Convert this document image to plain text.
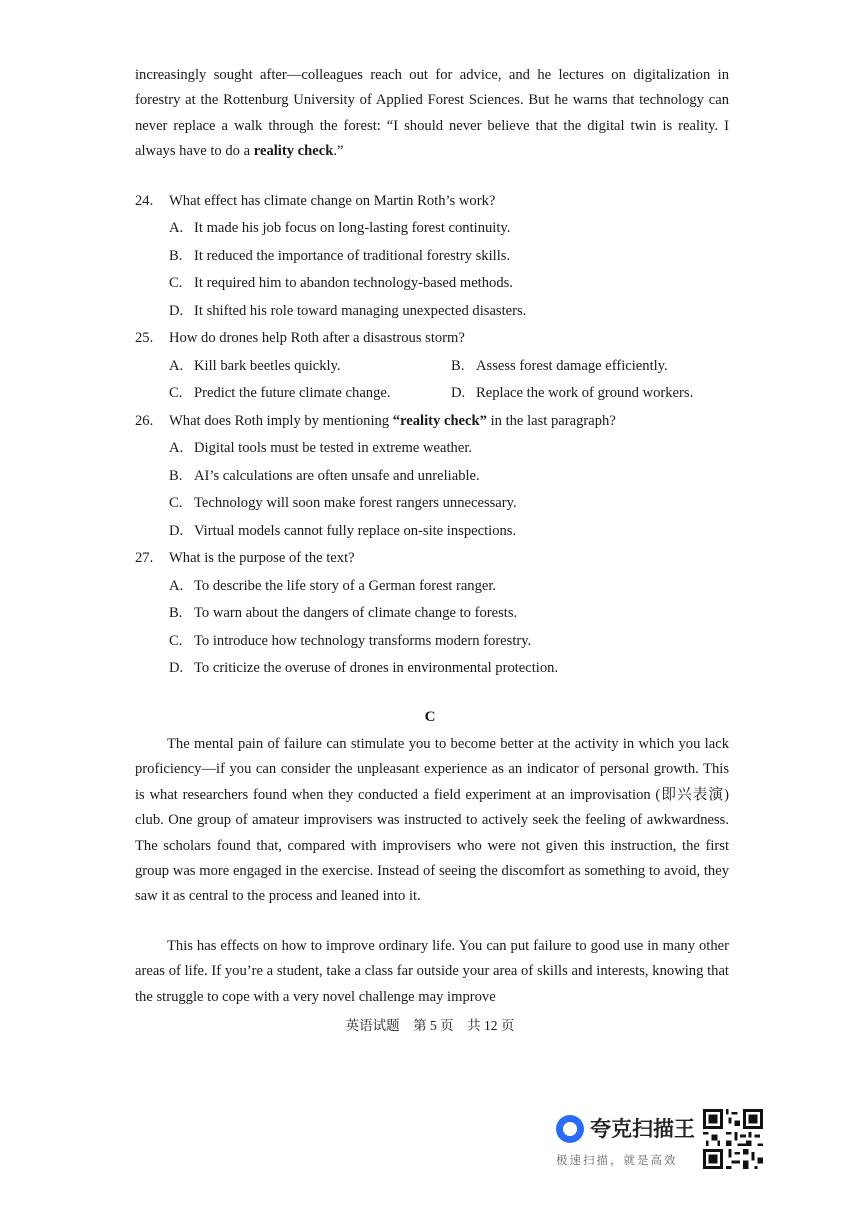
increasingly sought after—colleagues reach out for advice, and he lectures on digitalization in forestry at the Rottenburg University of Applied Forest Sciences. But he warns that technology can never replace a walk through the forest: “I should never believe that the digital twin is reality. I always have to do a reality check.”

24. What effect has climate change on Martin Roth’s work?
A. It made his job focus on long-lasting forest continuity.
B. It reduced the importance of traditional forestry skills.
C. It required him to abandon technology-based methods.
D. It shifted his role toward managing unexpected disasters.
25. How do drones help Roth after a disastrous storm?
A. Kill bark beetles quickly.	B. Assess forest damage efficiently.
C. Predict the future climate change.	D. Replace the work of ground workers.
26. What does Roth imply by mentioning “reality check” in the last paragraph?
A. Digital tools must be tested in extreme weather.
B. AI’s calculations are often unsafe and unreliable.
C. Technology will soon make forest rangers unnecessary.
D. Virtual models cannot fully replace on-site inspections.
27. What is the purpose of the text?
A. To describe the life story of a German forest ranger.
B. To warn about the dangers of climate change to forests.
C. To introduce how technology transforms modern forestry.
D. To criticize the overuse of drones in environmental protection.
C

The mental pain of failure can stimulate you to become better at the activity in which you lack proficiency—if you can consider the unpleasant experience as an indicator of personal growth. This is what researchers found when they conducted a field experiment at an improvisation (即兴表演) club. One group of amateur improvisers was instructed to actively seek the feeling of awkwardness. The scholars found that, compared with improvisers who were not given this instruction, the first group was more engaged in the exercise. Instead of seeing the discomfort as something to avoid, they saw it as central to the process and leaned into it.

This has effects on how to improve ordinary life. You can put failure to good use in many other areas of life. If you’re a student, take a class far outside your area of skills and interests, knowing that the struggle to cope with a very novel challenge may improve

英语试题　第 5 页　共 12 页
夸克扫描王
极速扫描，就是高效
